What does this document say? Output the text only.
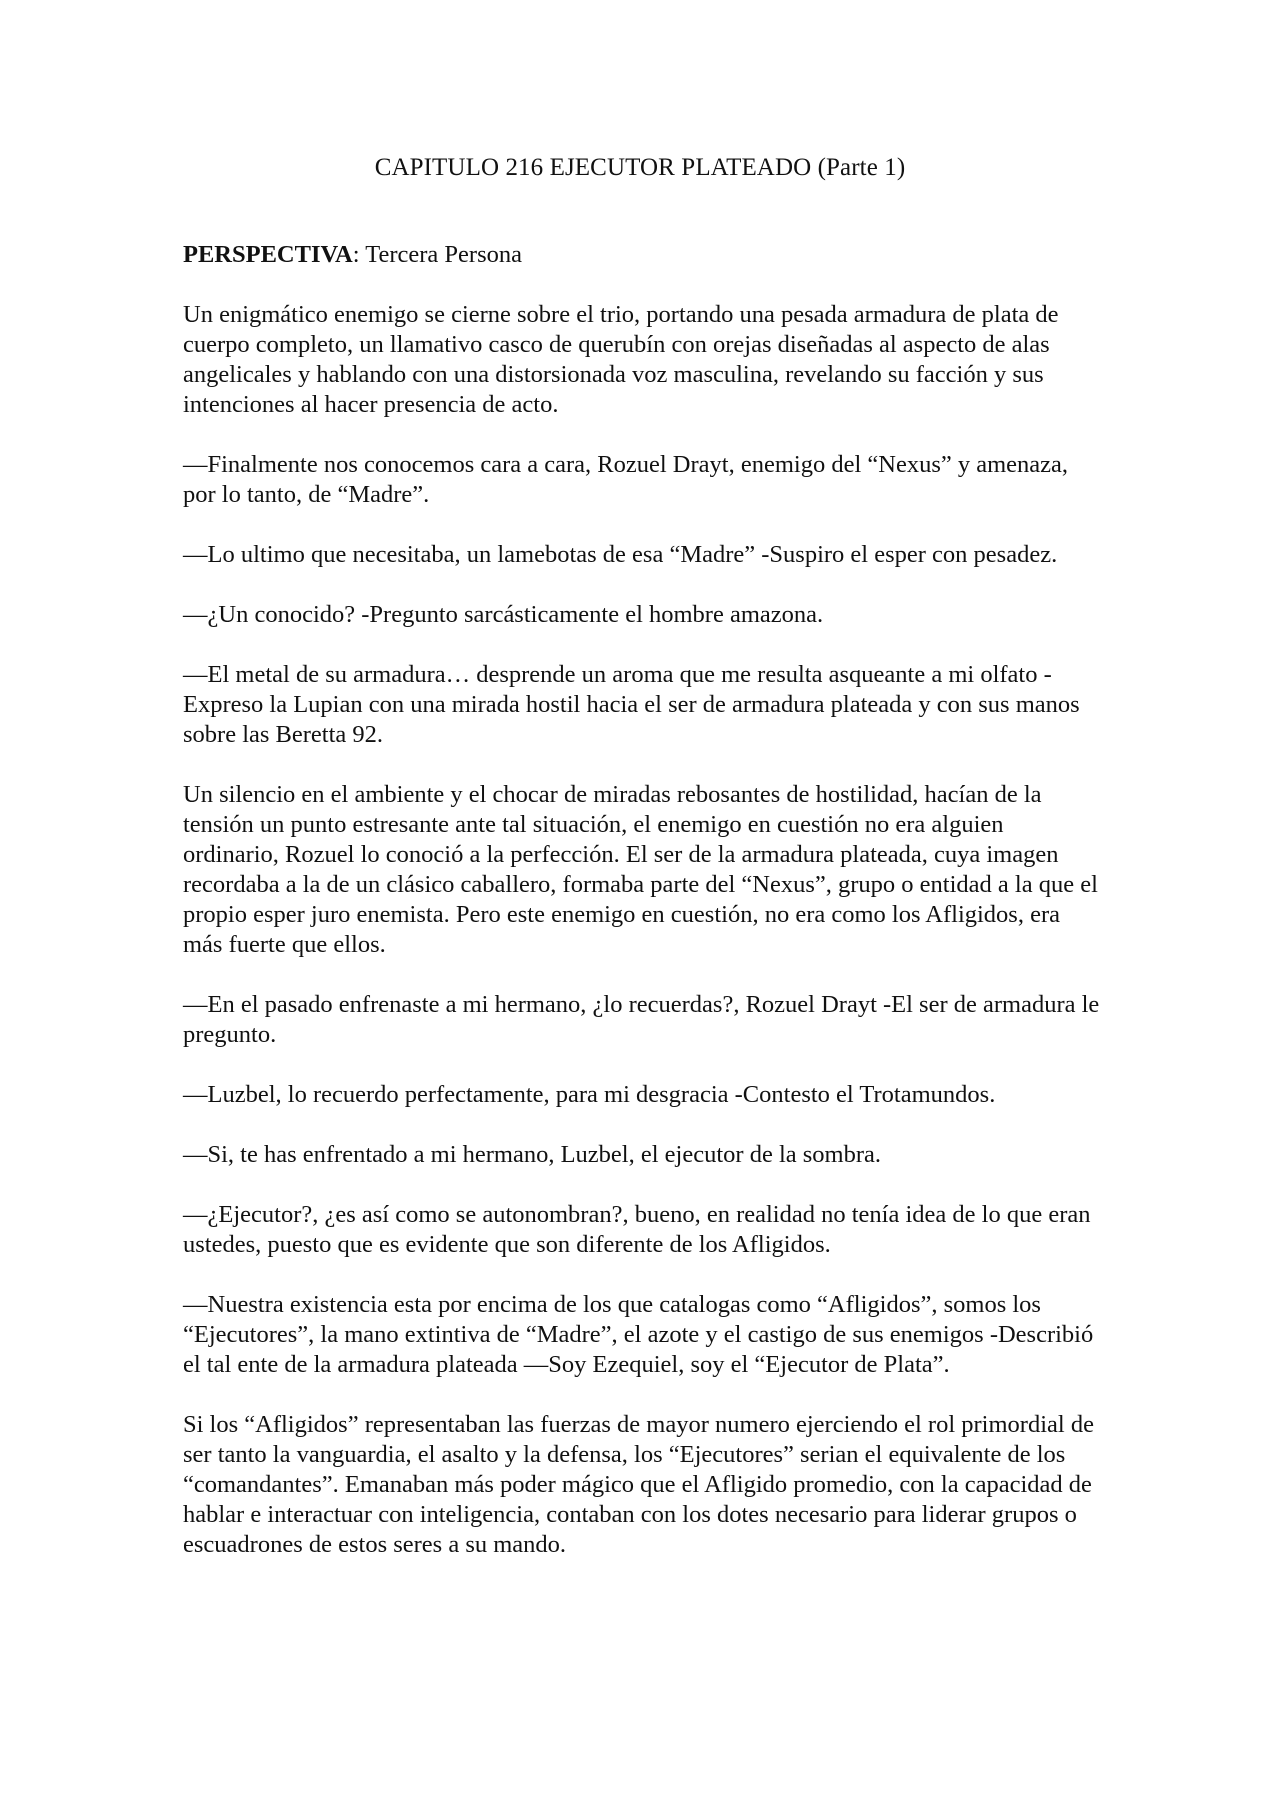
CAPITULO 216 EJECUTOR PLATEADO (Parte 1)

PERSPECTIVA: Tercera Persona

Un enigmático enemigo se cierne sobre el trio, portando una pesada armadura de plata de cuerpo completo, un llamativo casco de querubín con orejas diseñadas al aspecto de alas angelicales y hablando con una distorsionada voz masculina, revelando su facción y sus intenciones al hacer presencia de acto.

—Finalmente nos conocemos cara a cara, Rozuel Drayt, enemigo del “Nexus” y amenaza, por lo tanto, de “Madre”.

—Lo ultimo que necesitaba, un lamebotas de esa “Madre” -Suspiro el esper con pesadez.

—¿Un conocido? -Pregunto sarcásticamente el hombre amazona.

—El metal de su armadura… desprende un aroma que me resulta asqueante a mi olfato -Expreso la Lupian con una mirada hostil hacia el ser de armadura plateada y con sus manos sobre las Beretta 92.

Un silencio en el ambiente y el chocar de miradas rebosantes de hostilidad, hacían de la tensión un punto estresante ante tal situación, el enemigo en cuestión no era alguien ordinario, Rozuel lo conoció a la perfección. El ser de la armadura plateada, cuya imagen recordaba a la de un clásico caballero, formaba parte del “Nexus”, grupo o entidad a la que el propio esper juro enemista. Pero este enemigo en cuestión, no era como los Afligidos, era más fuerte que ellos.

—En el pasado enfrenaste a mi hermano, ¿lo recuerdas?, Rozuel Drayt -El ser de armadura le pregunto.

—Luzbel, lo recuerdo perfectamente, para mi desgracia -Contesto el Trotamundos.

—Si, te has enfrentado a mi hermano, Luzbel, el ejecutor de la sombra.

—¿Ejecutor?, ¿es así como se autonombran?, bueno, en realidad no tenía idea de lo que eran ustedes, puesto que es evidente que son diferente de los Afligidos.

—Nuestra existencia esta por encima de los que catalogas como “Afligidos”, somos los “Ejecutores”, la mano extintiva de “Madre”, el azote y el castigo de sus enemigos -Describió el tal ente de la armadura plateada —Soy Ezequiel, soy el “Ejecutor de Plata”.

Si los “Afligidos” representaban las fuerzas de mayor numero ejerciendo el rol primordial de ser tanto la vanguardia, el asalto y la defensa, los “Ejecutores” serian el equivalente de los “comandantes”. Emanaban más poder mágico que el Afligido promedio, con la capacidad de hablar e interactuar con inteligencia, contaban con los dotes necesario para liderar grupos o escuadrones de estos seres a su mando.
